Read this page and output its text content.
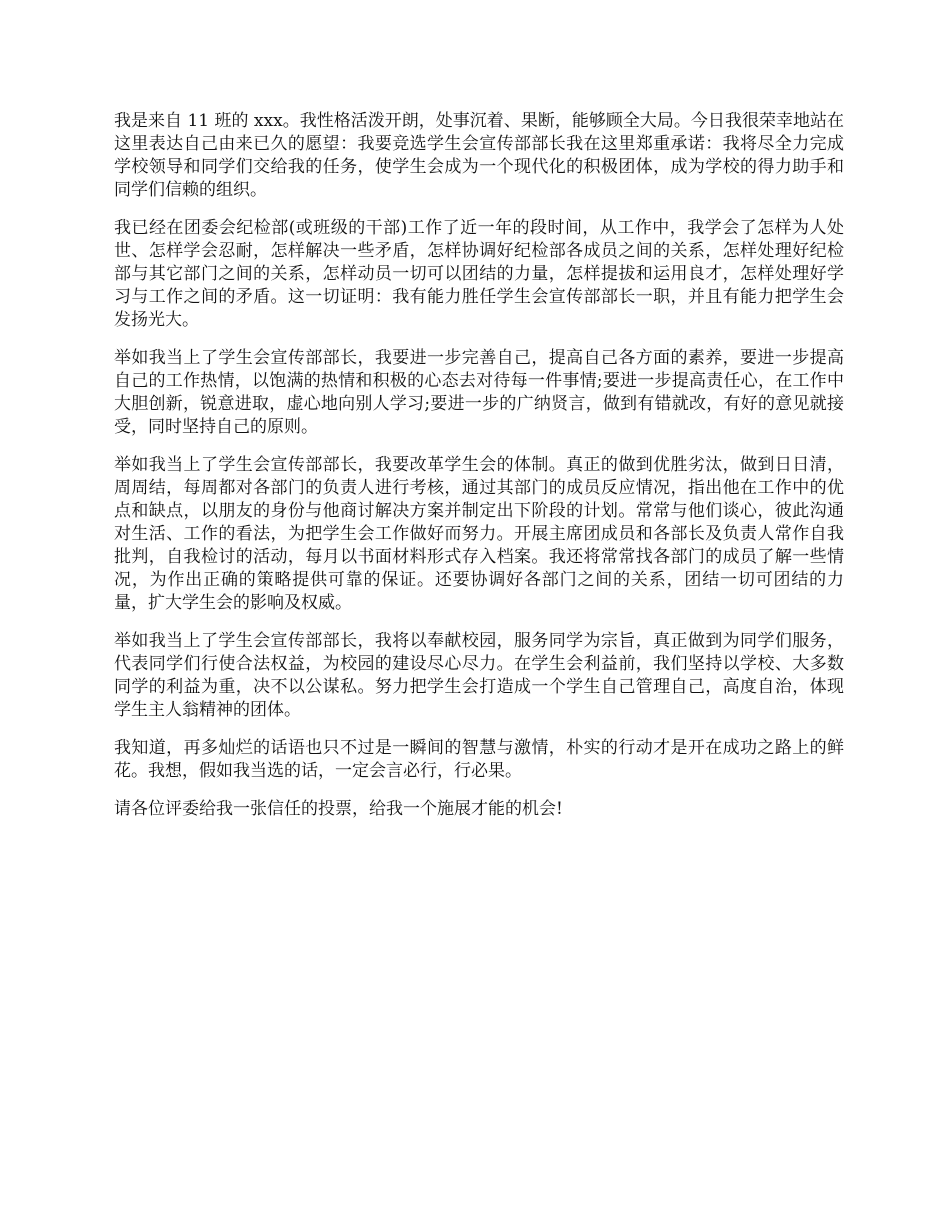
我是来自 11 班的 xxx。我性格活泼开朗，处事沉着、果断，能够顾全大局。今日我很荣幸地站在这里表达自己由来已久的愿望：我要竞选学生会宣传部部长我在这里郑重承诺：我将尽全力完成学校领导和同学们交给我的任务，使学生会成为一个现代化的积极团体，成为学校的得力助手和同学们信赖的组织。

我已经在团委会纪检部(或班级的干部)工作了近一年的段时间，从工作中，我学会了怎样为人处世、怎样学会忍耐，怎样解决一些矛盾，怎样协调好纪检部各成员之间的关系，怎样处理好纪检部与其它部门之间的关系，怎样动员一切可以团结的力量，怎样提拔和运用良才，怎样处理好学习与工作之间的矛盾。这一切证明：我有能力胜任学生会宣传部部长一职，并且有能力把学生会发扬光大。

举如我当上了学生会宣传部部长，我要进一步完善自己，提高自己各方面的素养，要进一步提高自己的工作热情，以饱满的热情和积极的心态去对待每一件事情;要进一步提高责任心，在工作中大胆创新，锐意进取，虚心地向别人学习;要进一步的广纳贤言，做到有错就改，有好的意见就接受，同时坚持自己的原则。

举如我当上了学生会宣传部部长，我要改革学生会的体制。真正的做到优胜劣汰，做到日日清，周周结，每周都对各部门的负责人进行考核，通过其部门的成员反应情况，指出他在工作中的优点和缺点，以朋友的身份与他商讨解决方案并制定出下阶段的计划。常常与他们谈心，彼此沟通对生活、工作的看法，为把学生会工作做好而努力。开展主席团成员和各部长及负责人常作自我批判，自我检讨的活动，每月以书面材料形式存入档案。我还将常常找各部门的成员了解一些情况，为作出正确的策略提供可靠的保证。还要协调好各部门之间的关系，团结一切可团结的力量，扩大学生会的影响及权威。

举如我当上了学生会宣传部部长，我将以奉献校园，服务同学为宗旨，真正做到为同学们服务，代表同学们行使合法权益，为校园的建设尽心尽力。在学生会利益前，我们坚持以学校、大多数同学的利益为重，决不以公谋私。努力把学生会打造成一个学生自己管理自己，高度自治，体现学生主人翁精神的团体。

我知道，再多灿烂的话语也只不过是一瞬间的智慧与激情，朴实的行动才是开在成功之路上的鲜花。我想，假如我当选的话，一定会言必行，行必果。

请各位评委给我一张信任的投票，给我一个施展才能的机会!
